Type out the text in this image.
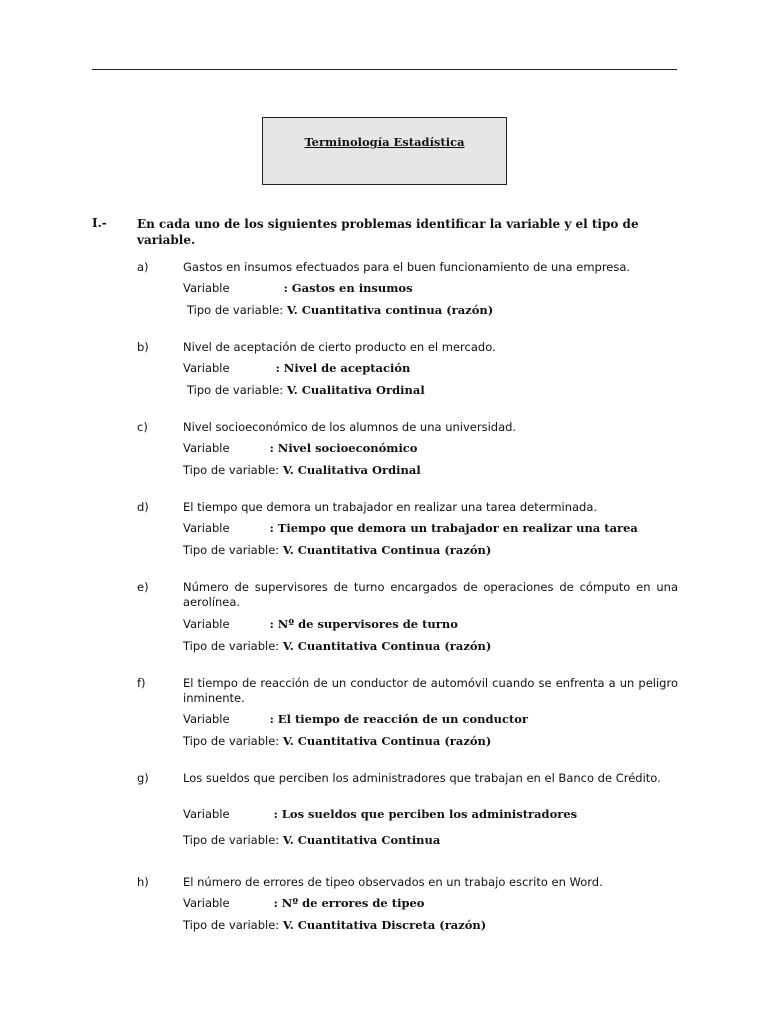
Terminología Estadística
I.-	En cada uno de los siguientes problemas identificar la variable y el tipo de variable.
a)	Gastos en insumos efectuados para el buen funcionamiento de una empresa.
Variable	: Gastos en insumos
Tipo de variable: V. Cuantitativa continua (razón)
b)	Nivel de aceptación de cierto producto en el mercado.
Variable	: Nivel de aceptación
Tipo de variable: V. Cualitativa Ordinal
c)	Nivel socioeconómico de los alumnos de una universidad.
Variable	: Nivel socioeconómico
Tipo de variable: V. Cualitativa Ordinal
d)	El tiempo que demora un trabajador en realizar una tarea determinada.
Variable	: Tiempo que demora un trabajador en realizar una tarea
Tipo de variable: V. Cuantitativa Continua (razón)
e)	Número de supervisores de turno encargados de operaciones de cómputo en una aerolínea.
Variable	: Nº de supervisores de turno
Tipo de variable: V. Cuantitativa Continua (razón)
f)	El tiempo de reacción de un conductor de automóvil cuando se enfrenta a un peligro inminente.
Variable	: El tiempo de reacción de un conductor
Tipo de variable: V. Cuantitativa Continua (razón)
g)	Los sueldos que perciben los administradores que trabajan en el Banco de Crédito.
Variable	: Los sueldos que perciben los administradores
Tipo de variable: V. Cuantitativa Continua
h)	El número de errores de tipeo observados en un trabajo escrito en Word.
Variable	: Nº de errores de tipeo
Tipo de variable: V. Cuantitativa Discreta (razón)
